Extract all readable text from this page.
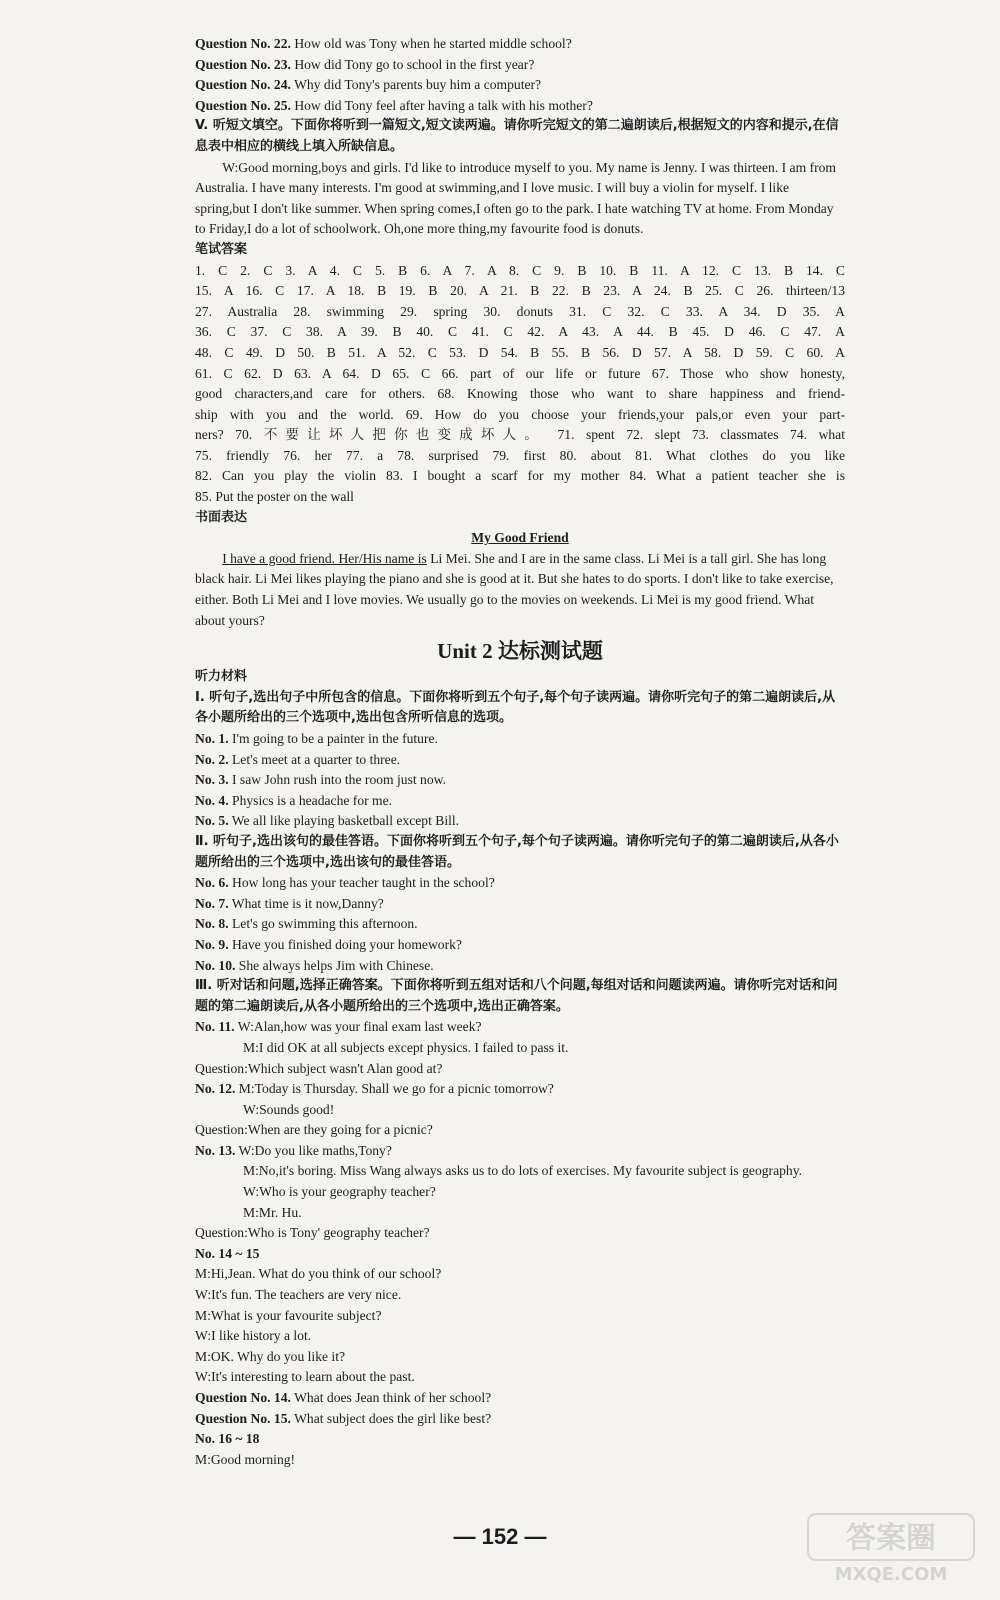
Question No. 22. How old was Tony when he started middle school?
Question No. 23. How did Tony go to school in the first year?
Question No. 24. Why did Tony's parents buy him a computer?
Question No. 25. How did Tony feel after having a talk with his mother?
V. 听短文填空。下面你将听到一篇短文,短文读两遍。请你听完短文的第二遍朗读后,根据短文的内容和提示,在信息表中相应的横线上填入所缺信息。
W:Good morning,boys and girls. I'd like to introduce myself to you. My name is Jenny. I was thirteen. I am from Australia. I have many interests. I'm good at swimming,and I love music. I will buy a violin for myself. I like spring,but I don't like summer. When spring comes,I often go to the park. I hate watching TV at home. From Monday to Friday,I do a lot of schoolwork. Oh,one more thing,my favourite food is donuts.
笔试答案
1. C 2. C 3. A 4. C 5. B 6. A 7. A 8. C 9. B 10. B 11. A 12. C 13. B 14. C
15. A 16. C 17. A 18. B 19. B 20. A 21. B 22. B 23. A 24. B 25. C 26. thirteen/13
27. Australia 28. swimming 29. spring 30. donuts 31. C 32. C 33. A 34. D 35. A
36. C 37. C 38. A 39. B 40. C 41. C 42. A 43. A 44. B 45. D 46. C 47. A
48. C 49. D 50. B 51. A 52. C 53. D 54. B 55. B 56. D 57. A 58. D 59. C 60. A
61. C 62. D 63. A 64. D 65. C 66. part of our life or future 67. Those who show honesty,
good characters,and care for others. 68. Knowing those who want to share happiness and friend-
ship with you and the world. 69. How do you choose your friends,your pals,or even your part-
ners? 70. 不要让坏人把你也变成坏人。 71. spent 72. slept 73. classmates 74. what
75. friendly 76. her 77. a 78. surprised 79. first 80. about 81. What clothes do you like
82. Can you play the violin 83. I bought a scarf for my mother 84. What a patient teacher she is
85. Put the poster on the wall
书面表达
My Good Friend
I have a good friend. Her/His name is Li Mei. She and I are in the same class. Li Mei is a tall girl. She has long black hair. Li Mei likes playing the piano and she is good at it. But she hates to do sports. I don't like to take exercise, either. Both Li Mei and I love movies. We usually go to the movies on weekends. Li Mei is my good friend. What about yours?
Unit 2 达标测试题
听力材料
Ⅰ. 听句子,选出句子中所包含的信息。下面你将听到五个句子,每个句子读两遍。请你听完句子的第二遍朗读后,从各小题所给出的三个选项中,选出包含所听信息的选项。
No. 1. I'm going to be a painter in the future.
No. 2. Let's meet at a quarter to three.
No. 3. I saw John rush into the room just now.
No. 4. Physics is a headache for me.
No. 5. We all like playing basketball except Bill.
Ⅱ. 听句子,选出该句的最佳答语。下面你将听到五个句子,每个句子读两遍。请你听完句子的第二遍朗读后,从各小题所给出的三个选项中,选出该句的最佳答语。
No. 6. How long has your teacher taught in the school?
No. 7. What time is it now,Danny?
No. 8. Let's go swimming this afternoon.
No. 9. Have you finished doing your homework?
No. 10. She always helps Jim with Chinese.
Ⅲ. 听对话和问题,选择正确答案。下面你将听到五组对话和八个问题,每组对话和问题读两遍。请你听完对话和问题的第二遍朗读后,从各小题所给出的三个选项中,选出正确答案。
No. 11. W:Alan,how was your final exam last week?
M:I did OK at all subjects except physics. I failed to pass it.
Question:Which subject wasn't Alan good at?
No. 12. M:Today is Thursday. Shall we go for a picnic tomorrow?
W:Sounds good!
Question:When are they going for a picnic?
No. 13. W:Do you like maths,Tony?
M:No,it's boring. Miss Wang always asks us to do lots of exercises. My favourite subject is geography.
W:Who is your geography teacher?
M:Mr. Hu.
Question:Who is Tony' geography teacher?
No. 14 ~ 15
M:Hi,Jean. What do you think of our school?
W:It's fun. The teachers are very nice.
M:What is your favourite subject?
W:I like history a lot.
M:OK. Why do you like it?
W:It's interesting to learn about the past.
Question No. 14. What does Jean think of her school?
Question No. 15. What subject does the girl like best?
No. 16 ~ 18
M:Good morning!
— 152 —	答案圈
MXQE.COM
